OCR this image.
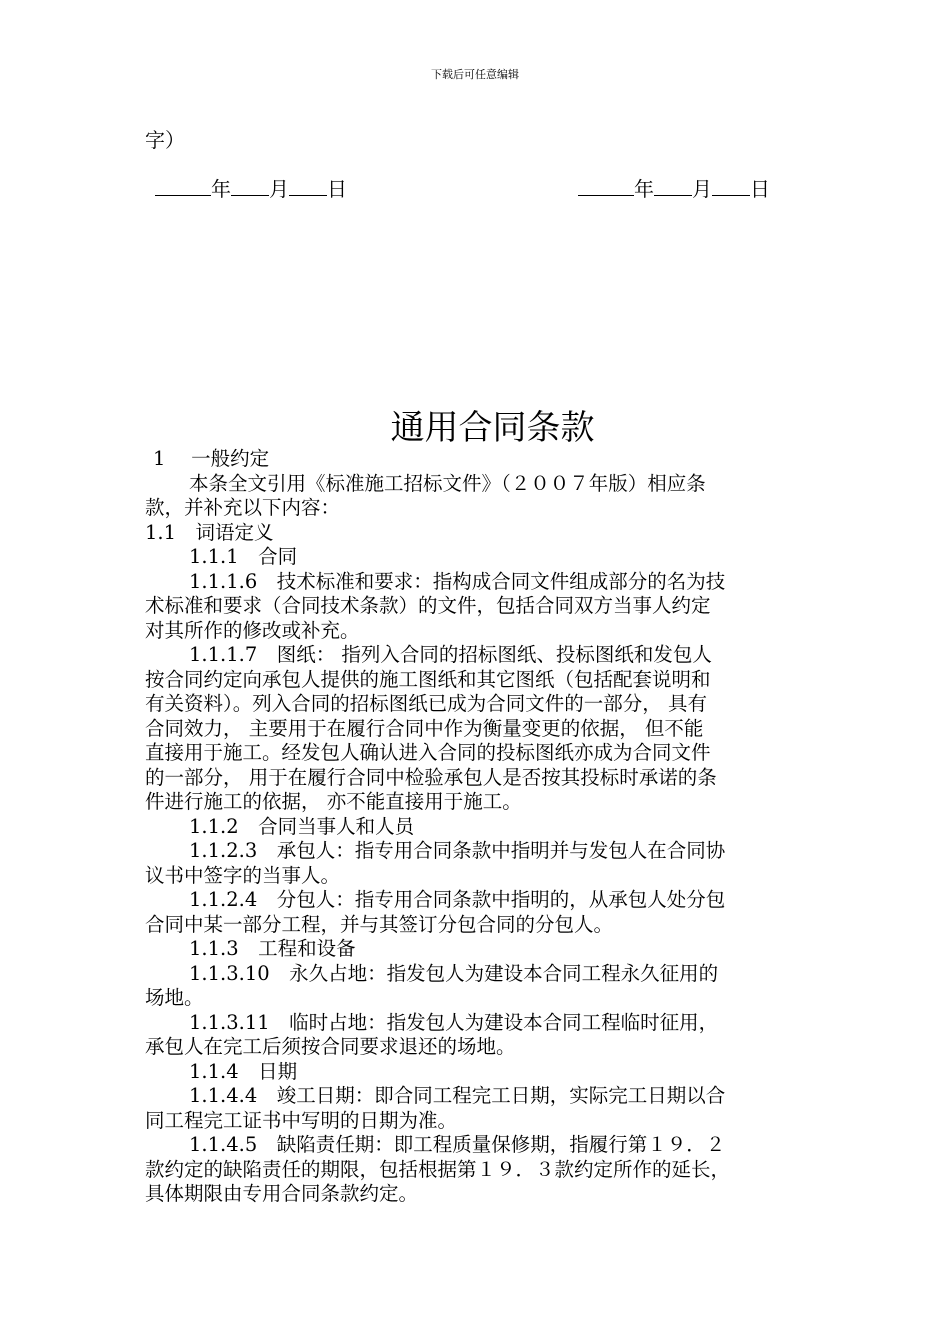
下载后可任意编辑
字）
年 月 日	年 月 日
通用合同条款
1　 一般约定
本条全文引用《标准施工招标文件》（２００７年版）相应条
款，并补充以下内容：
1.1　词语定义
1.1.1　合同
1.1.1.6　技术标准和要求：指构成合同文件组成部分的名为技
术标准和要求（合同技术条款）的文件，包括合同双方当事人约定
对其所作的修改或补充。
1.1.1.7　图纸： 指列入合同的招标图纸、投标图纸和发包人
按合同约定向承包人提供的施工图纸和其它图纸（包括配套说明和
有关资料）。列入合同的招标图纸已成为合同文件的一部分， 具有
合同效力， 主要用于在履行合同中作为衡量变更的依据， 但不能
直接用于施工。经发包人确认进入合同的投标图纸亦成为合同文件
的一部分， 用于在履行合同中检验承包人是否按其投标时承诺的条
件进行施工的依据， 亦不能直接用于施工。
1.1.2　合同当事人和人员
1.1.2.3　承包人：指专用合同条款中指明并与发包人在合同协
议书中签字的当事人。
1.1.2.4　分包人：指专用合同条款中指明的，从承包人处分包
合同中某一部分工程，并与其签订分包合同的分包人。
1.1.3　工程和设备
1.1.3.10　永久占地：指发包人为建设本合同工程永久征用的
场地。
1.1.3.11　临时占地：指发包人为建设本合同工程临时征用，
承包人在完工后须按合同要求退还的场地。
1.1.4　日期
1.1.4.4　竣工日期：即合同工程完工日期，实际完工日期以合
同工程完工证书中写明的日期为准。
1.1.4.5　缺陷责任期：即工程质量保修期，指履行第１９．２
款约定的缺陷责任的期限，包括根据第１９．３款约定所作的延长，
具体期限由专用合同条款约定。
